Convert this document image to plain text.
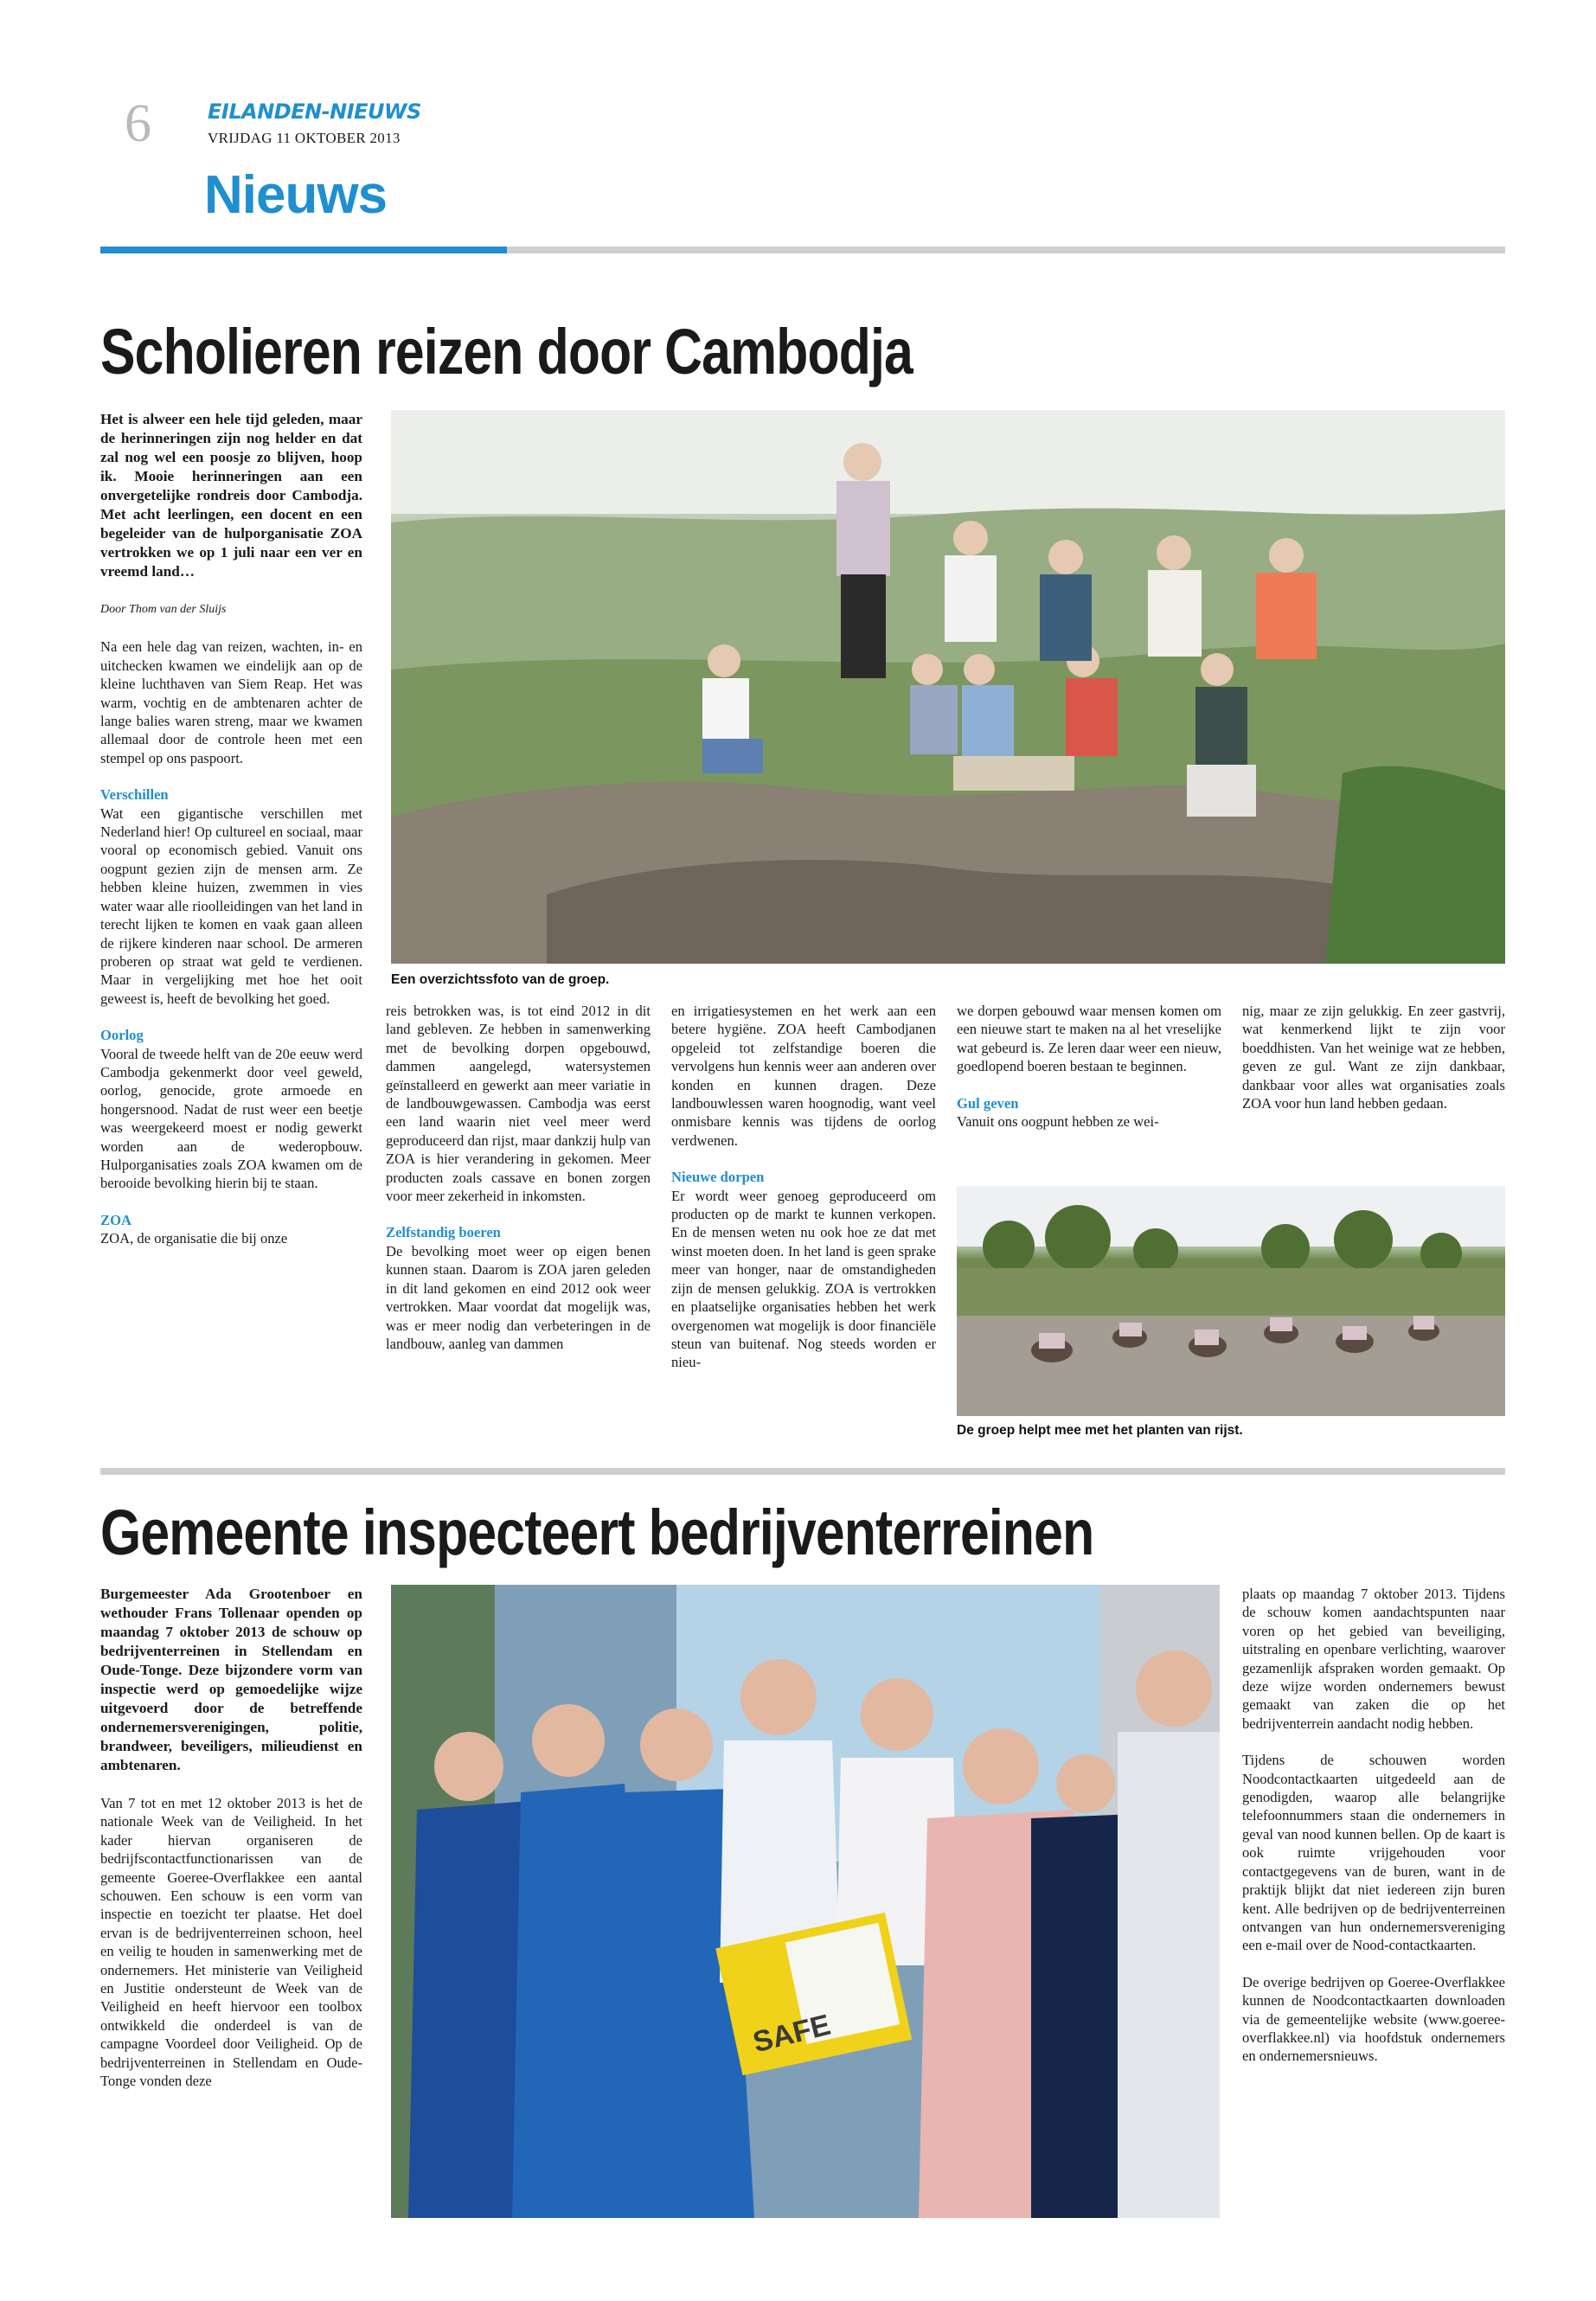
6	EILANDEN-NIEUWS
VRIJDAG 11 OKTOBER 2013
Nieuws
Scholieren reizen door Cambodja
Het is alweer een hele tijd geleden, maar de herinneringen zijn nog helder en dat zal nog wel een poosje zo blijven, hoop ik. Mooie herinneringen aan een onvergetelijke rondreis door Cambodja. Met acht leerlingen, een docent en een begeleider van de hulporganisatie ZOA vertrokken we op 1 juli naar een ver en vreemd land…
Door Thom van der Sluijs

Na een hele dag van reizen, wachten, in- en uitchecken kwamen we eindelijk aan op de kleine luchthaven van Siem Reap. Het was warm, vochtig en de ambtenaren achter de lange balies waren streng, maar we kwamen allemaal door de controle heen met een stempel op ons paspoort.

Verschillen
Wat een gigantische verschillen met Nederland hier! Op cultureel en sociaal, maar vooral op economisch gebied. Vanuit ons oogpunt gezien zijn de mensen arm. Ze hebben kleine huizen, zwemmen in vies water waar alle rioolleidingen van het land in terecht lijken te komen en vaak gaan alleen de rijkere kinderen naar school. De armeren proberen op straat wat geld te verdienen. Maar in vergelijking met hoe het ooit geweest is, heeft de bevolking het goed.

Oorlog
Vooral de tweede helft van de 20e eeuw werd Cambodja gekenmerkt door veel geweld, oorlog, genocide, grote armoede en hongersnood. Nadat de rust weer een beetje was weergekeerd moest er nodig gewerkt worden aan de wederopbouw. Hulporganisaties zoals ZOA kwamen om de berooide bevolking hierin bij te staan.

ZOA
ZOA, de organisatie die bij onze

Een overzichtssfoto van de groep.

reis betrokken was, is tot eind 2012 in dit land gebleven. Ze hebben in samenwerking met de bevolking dorpen opgebouwd, dammen aangelegd, watersystemen geïnstalleerd en gewerkt aan meer variatie in de landbouwgewassen. Cambodja was eerst een land waarin niet veel meer werd geproduceerd dan rijst, maar dankzij hulp van ZOA is hier verandering in gekomen. Meer producten zoals cassave en bonen zorgen voor meer zekerheid in inkomsten.

Zelfstandig boeren
De bevolking moet weer op eigen benen kunnen staan. Daarom is ZOA jaren geleden in dit land gekomen en eind 2012 ook weer vertrokken. Maar voordat dat mogelijk was, was er meer nodig dan verbeteringen in de landbouw, aanleg van dammen

en irrigatiesystemen en het werk aan een betere hygiëne. ZOA heeft Cambodjanen opgeleid tot zelfstandige boeren die vervolgens hun kennis weer aan anderen over konden en kunnen dragen. Deze landbouwlessen waren hoognodig, want veel onmisbare kennis was tijdens de oorlog verdwenen.

Nieuwe dorpen
Er wordt weer genoeg geproduceerd om producten op de markt te kunnen verkopen. En de mensen weten nu ook hoe ze dat met winst moeten doen. In het land is geen sprake meer van honger, naar de omstandigheden zijn de mensen gelukkig. ZOA is vertrokken en plaatselijke organisaties hebben het werk overgenomen wat mogelijk is door financiële steun van buitenaf. Nog steeds worden er nieu-

we dorpen gebouwd waar mensen komen om een nieuwe start te maken na al het vreselijke wat gebeurd is. Ze leren daar weer een nieuw, goedlopend boeren bestaan te beginnen.

Gul geven
Vanuit ons oogpunt hebben ze wei-

nig, maar ze zijn gelukkig. En zeer gastvrij, wat kenmerkend lijkt te zijn voor boeddhisten. Van het weinige wat ze hebben, geven ze gul. Want ze zijn dankbaar, dankbaar voor alles wat organisaties zoals ZOA voor hun land hebben gedaan.

De groep helpt mee met het planten van rijst.
Gemeente inspecteert bedrijventerreinen
Burgemeester Ada Grootenboer en wethouder Frans Tollenaar openden op maandag 7 oktober 2013 de schouw op bedrijventerreinen in Stellendam en Oude-Tonge. Deze bijzondere vorm van inspectie werd op gemoedelijke wijze uitgevoerd door de betreffende ondernemersverenigingen, politie, brandweer, beveiligers, milieudienst en ambtenaren.

Van 7 tot en met 12 oktober 2013 is het de nationale Week van de Veiligheid. In het kader hiervan organiseren de bedrijfscontactfunctionarissen van de gemeente Goeree-Overflakkee een aantal schouwen. Een schouw is een vorm van inspectie en toezicht ter plaatse. Het doel ervan is de bedrijventerreinen schoon, heel en veilig te houden in samenwerking met de ondernemers. Het ministerie van Veiligheid en Justitie ondersteunt de Week van de Veiligheid en heeft hiervoor een toolbox ontwikkeld die onderdeel is van de campagne Voordeel door Veiligheid. Op de bedrijventerreinen in Stellendam en Oude-Tonge vonden deze

SAFE

plaats op maandag 7 oktober 2013. Tijdens de schouw komen aandachtspunten naar voren op het gebied van beveiliging, uitstraling en openbare verlichting, waarover gezamenlijk afspraken worden gemaakt. Op deze wijze worden ondernemers bewust gemaakt van zaken die op het bedrijventerrein aandacht nodig hebben.

Tijdens de schouwen worden Noodcontactkaarten uitgedeeld aan de genodigden, waarop alle belangrijke telefoonnummers staan die ondernemers in geval van nood kunnen bellen. Op de kaart is ook ruimte vrijgehouden voor contactgegevens van de buren, want in de praktijk blijkt dat niet iedereen zijn buren kent. Alle bedrijven op de bedrijventerreinen ontvangen van hun ondernemersvereniging een e-mail over de Nood-contactkaarten.

De overige bedrijven op Goeree-Overflakkee kunnen de Noodcontactkaarten downloaden via de gemeentelijke website (www.goeree-overflakkee.nl) via hoofdstuk ondernemers en ondernemersnieuws.
